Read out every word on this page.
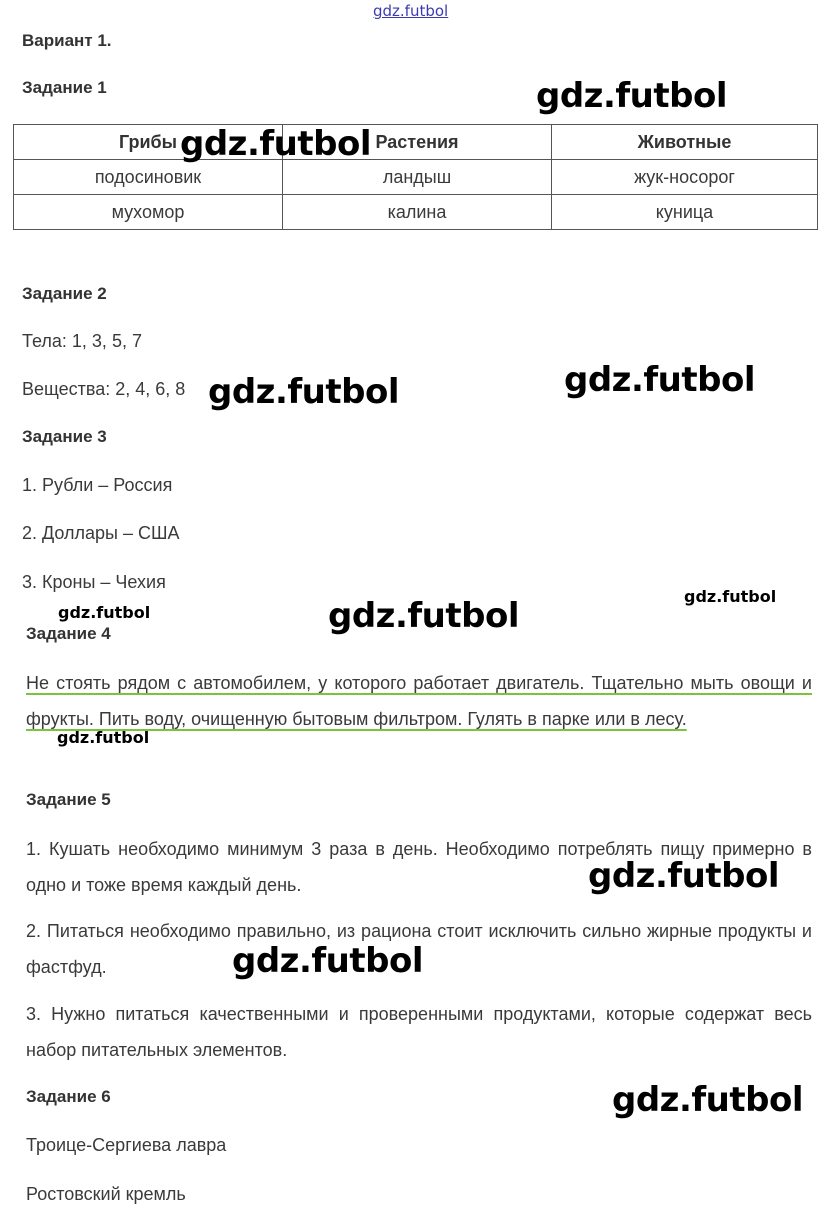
gdz.futbol
Вариант 1.
Задание 1
Грибы	Растения	Животные
подосиновик	ландыш	жук-носорог
мухомор	калина	куница
Задание 2
Тела: 1, 3, 5, 7
Вещества: 2, 4, 6, 8
Задание 3
1. Рубли – Россия
2. Доллары – США
3. Кроны – Чехия
Задание 4
Не стоять рядом с автомобилем, у которого работает двигатель. Тщательно мыть овощи и фрукты. Пить воду, очищенную бытовым фильтром. Гулять в парке или в лесу.
Задание 5
1. Кушать необходимо минимум 3 раза в день. Необходимо потреблять пищу примерно в одно и тоже время каждый день.
2. Питаться необходимо правильно, из рациона стоит исключить сильно жирные продукты и фастфуд.
3. Нужно питаться качественными и проверенными продуктами, которые содержат весь набор питательных элементов.
Задание 6
Троице-Сергиева лавра
Ростовский кремль
gdz.futbol
gdz.futbol
gdz.futbol
gdz.futbol
gdz.futbol	gdz.futbol
gdz.futbol
gdz.futbol
gdz.futbol
gdz.futbol
gdz.futbol
